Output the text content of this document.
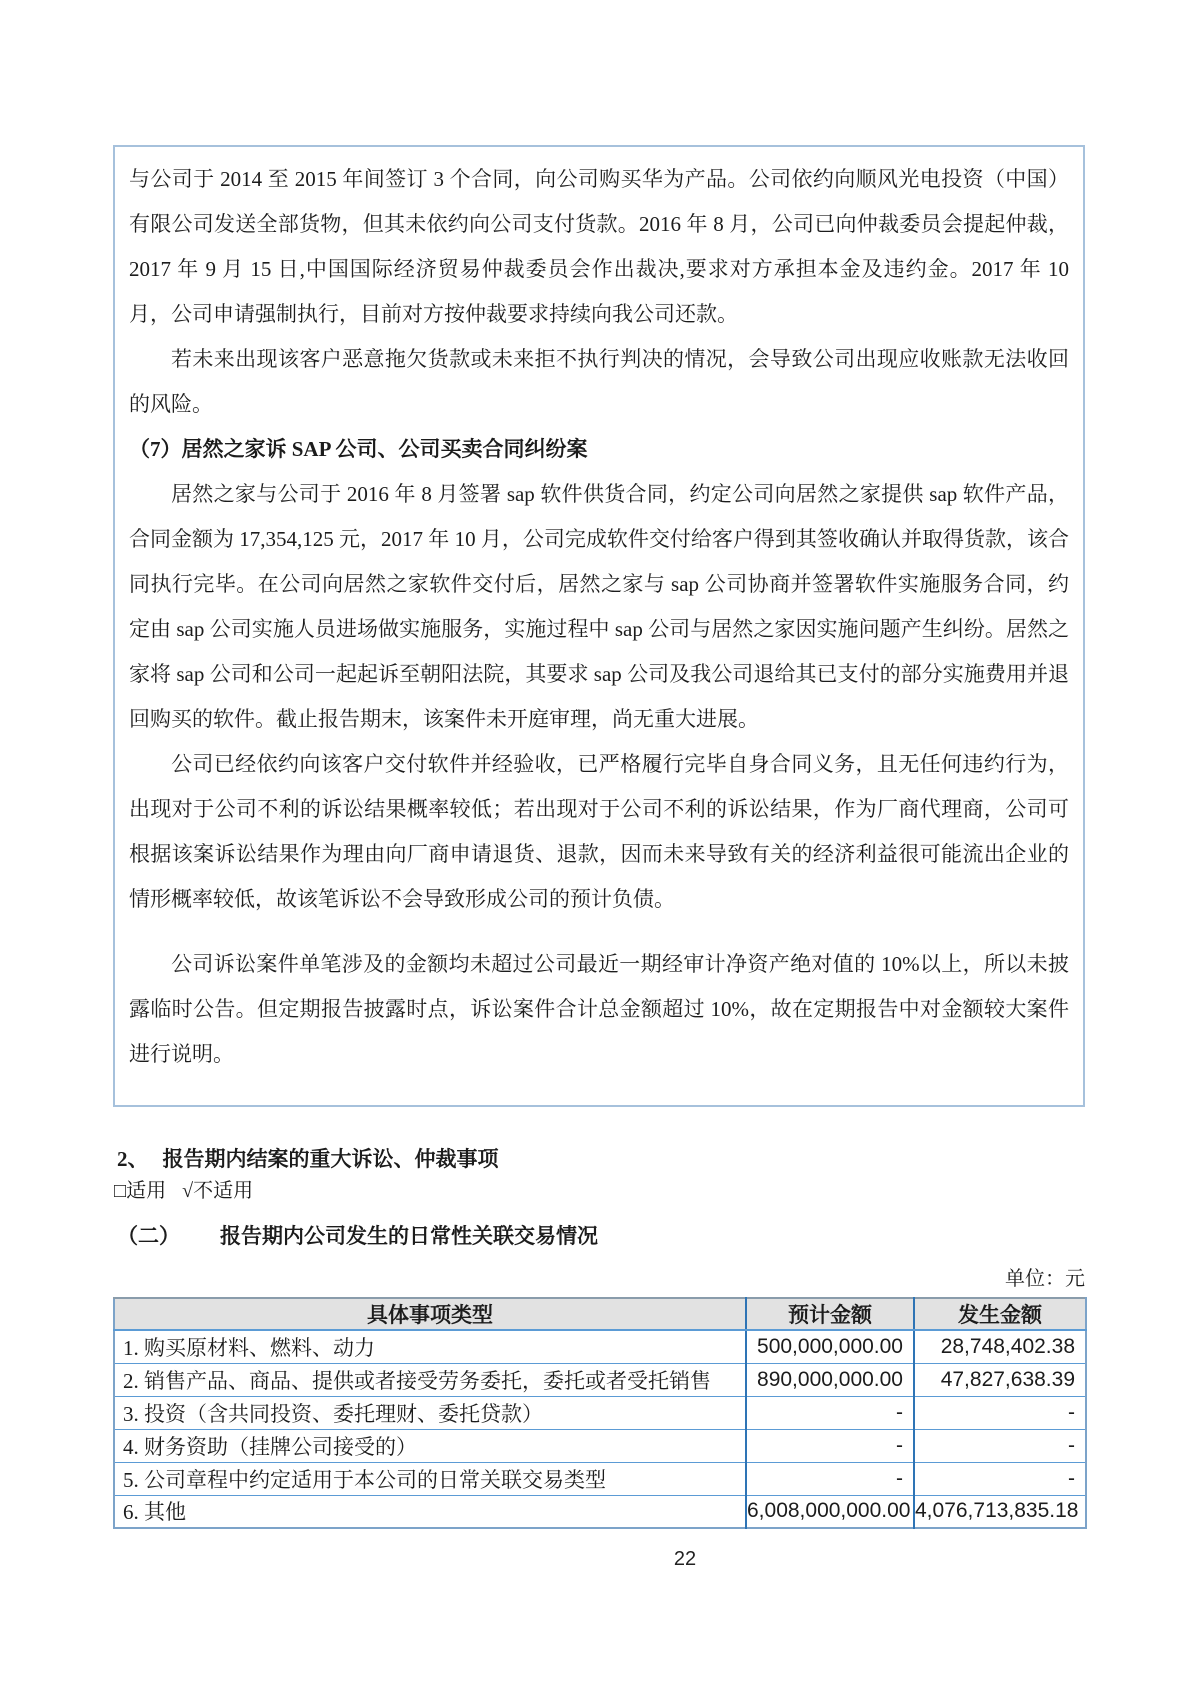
与公司于 2014 至 2015 年间签订 3 个合同，向公司购买华为产品。公司依约向顺风光电投资（中国）有限公司发送全部货物，但其未依约向公司支付货款。2016 年 8 月，公司已向仲裁委员会提起仲裁，2017 年 9 月 15 日,中国国际经济贸易仲裁委员会作出裁决,要求对方承担本金及违约金。2017 年 10 月，公司申请强制执行，目前对方按仲裁要求持续向我公司还款。

若未来出现该客户恶意拖欠货款或未来拒不执行判决的情况，会导致公司出现应收账款无法收回的风险。

（7）居然之家诉 SAP 公司、公司买卖合同纠纷案

居然之家与公司于 2016 年 8 月签署 sap 软件供货合同，约定公司向居然之家提供 sap 软件产品，合同金额为 17,354,125 元，2017 年 10 月，公司完成软件交付给客户得到其签收确认并取得货款，该合同执行完毕。在公司向居然之家软件交付后，居然之家与 sap 公司协商并签署软件实施服务合同，约定由 sap 公司实施人员进场做实施服务，实施过程中 sap 公司与居然之家因实施问题产生纠纷。居然之家将 sap 公司和公司一起起诉至朝阳法院，其要求 sap 公司及我公司退给其已支付的部分实施费用并退回购买的软件。截止报告期末，该案件未开庭审理，尚无重大进展。

公司已经依约向该客户交付软件并经验收，已严格履行完毕自身合同义务，且无任何违约行为，出现对于公司不利的诉讼结果概率较低；若出现对于公司不利的诉讼结果，作为厂商代理商，公司可根据该案诉讼结果作为理由向厂商申请退货、退款，因而未来导致有关的经济利益很可能流出企业的情形概率较低，故该笔诉讼不会导致形成公司的预计负债。

公司诉讼案件单笔涉及的金额均未超过公司最近一期经审计净资产绝对值的 10%以上，所以未披露临时公告。但定期报告披露时点，诉讼案件合计总金额超过 10%，故在定期报告中对金额较大案件进行说明。

2、 报告期内结案的重大诉讼、仲裁事项
□适用 √不适用
（二） 报告期内公司发生的日常性关联交易情况
单位：元
具体事项类型	预计金额	发生金额
1. 购买原材料、燃料、动力	500,000,000.00	28,748,402.38
2. 销售产品、商品、提供或者接受劳务委托，委托或者受托销售	890,000,000.00	47,827,638.39
3. 投资（含共同投资、委托理财、委托贷款）	-	-
4. 财务资助（挂牌公司接受的）	-	-
5. 公司章程中约定适用于本公司的日常关联交易类型	-	-
6. 其他	6,008,000,000.00	4,076,713,835.18
22
